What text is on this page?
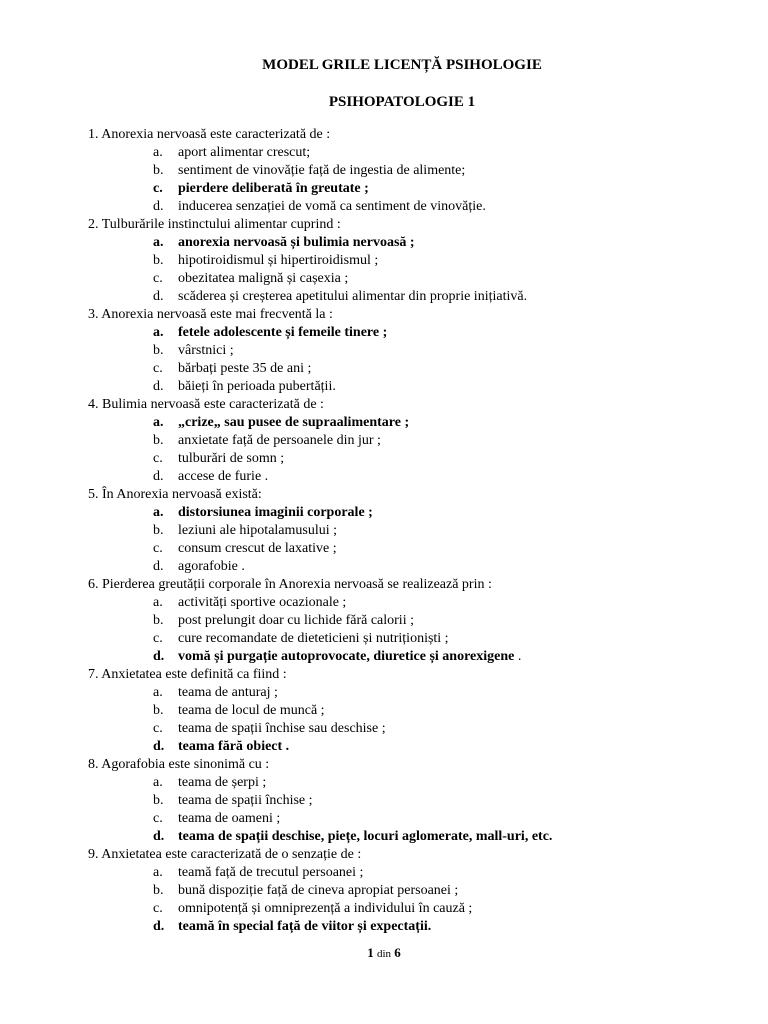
MODEL GRILE LICENȚĂ PSIHOLOGIE
PSIHOPATOLOGIE 1
1. Anorexia nervoasă este caracterizată de :
a. aport alimentar crescut;
b. sentiment de vinovăție față de ingestia de alimente;
c. pierdere deliberată în greutate ;
d. inducerea senzației de vomă ca sentiment de vinovăție.
2. Tulburările instinctului alimentar cuprind :
a. anorexia nervoasă și bulimia nervoasă ;
b. hipotiroidismul și hipertiroidismul ;
c. obezitatea malignă și cașexia ;
d. scăderea și creșterea apetitului alimentar din proprie inițiativă.
3. Anorexia nervoasă este mai frecventă la :
a. fetele adolescente și femeile tinere ;
b. vârstnici ;
c. bărbați peste 35 de ani ;
d. băieți în perioada pubertății.
4. Bulimia nervoasă este caracterizată de :
a. „crize„ sau pusee de supraalimentare ;
b. anxietate față de persoanele din jur ;
c. tulburări de somn ;
d. accese de furie .
5. În Anorexia nervoasă există:
a. distorsiunea imaginii corporale ;
b. leziuni ale hipotalamusului ;
c. consum crescut de laxative ;
d. agorafobie .
6. Pierderea greutății corporale în Anorexia nervoasă se realizează prin :
a. activități sportive ocazionale ;
b. post prelungit doar cu lichide fără calorii ;
c. cure recomandate de dieteticieni și nutriționiști ;
d. vomă și purgație autoprovocate, diuretice și anorexigene .
7. Anxietatea este definită ca fiind :
a. teama de anturaj ;
b. teama de locul de muncă ;
c. teama de spații închise sau deschise ;
d. teama fără obiect .
8. Agorafobia este sinonimă cu :
a. teama de șerpi ;
b. teama de spații închise ;
c. teama de oameni ;
d. teama de spații deschise, piețe, locuri aglomerate, mall-uri, etc.
9. Anxietatea este caracterizată de o senzație de :
a. teamă față de trecutul persoanei ;
b. bună dispoziție față de cineva apropiat persoanei ;
c. omnipotență și omniprezență a individului în cauză ;
d. teamă în special față de viitor și expectații.
1 din 6
